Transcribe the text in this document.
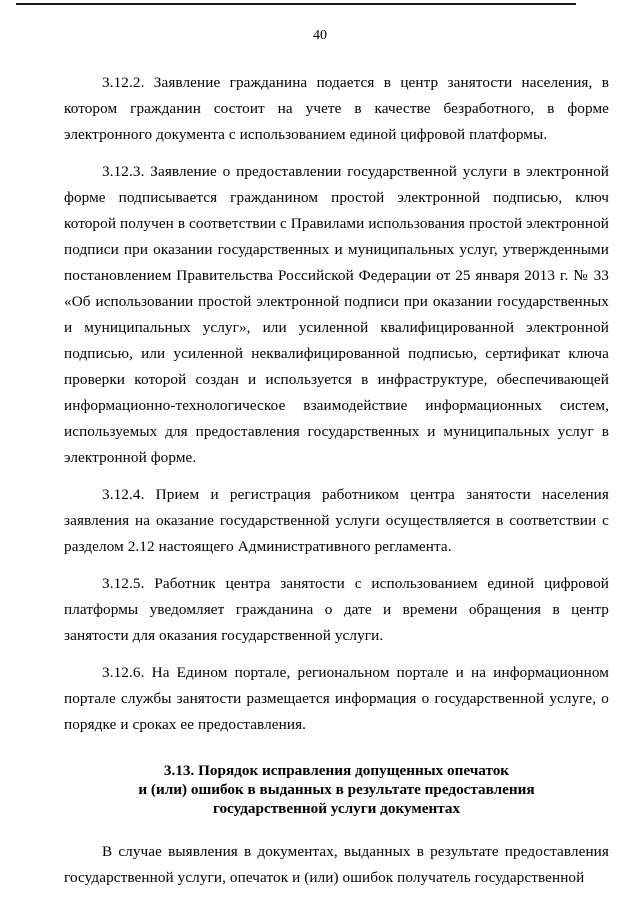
40

3.12.2. Заявление гражданина подается в центр занятости населения, в котором гражданин состоит на учете в качестве безработного, в форме электронного документа с использованием единой цифровой платформы.

3.12.3. Заявление о предоставлении государственной услуги в электронной форме подписывается гражданином простой электронной подписью, ключ которой получен в соответствии с Правилами использования простой электронной подписи при оказании государственных и муниципальных услуг, утвержденными постановлением Правительства Российской Федерации от 25 января 2013 г. № 33 «Об использовании простой электронной подписи при оказании государственных и муниципальных услуг», или усиленной квалифицированной электронной подписью, или усиленной неквалифицированной подписью, сертификат ключа проверки которой создан и используется в инфраструктуре, обеспечивающей информационно-технологическое взаимодействие информационных систем, используемых для предоставления государственных и муниципальных услуг в электронной форме.

3.12.4. Прием и регистрация работником центра занятости населения заявления на оказание государственной услуги осуществляется в соответствии с разделом 2.12 настоящего Административного регламента.

3.12.5. Работник центра занятости с использованием единой цифровой платформы уведомляет гражданина о дате и времени обращения в центр занятости для оказания государственной услуги.

3.12.6. На Едином портале, региональном портале и на информационном портале службы занятости размещается информация о государственной услуге, о порядке и сроках ее предоставления.

3.13. Порядок исправления допущенных опечаток
и (или) ошибок в выданных в результате предоставления
государственной услуги документах

В случае выявления в документах, выданных в результате предоставления государственной услуги, опечаток и (или) ошибок получатель государственной
